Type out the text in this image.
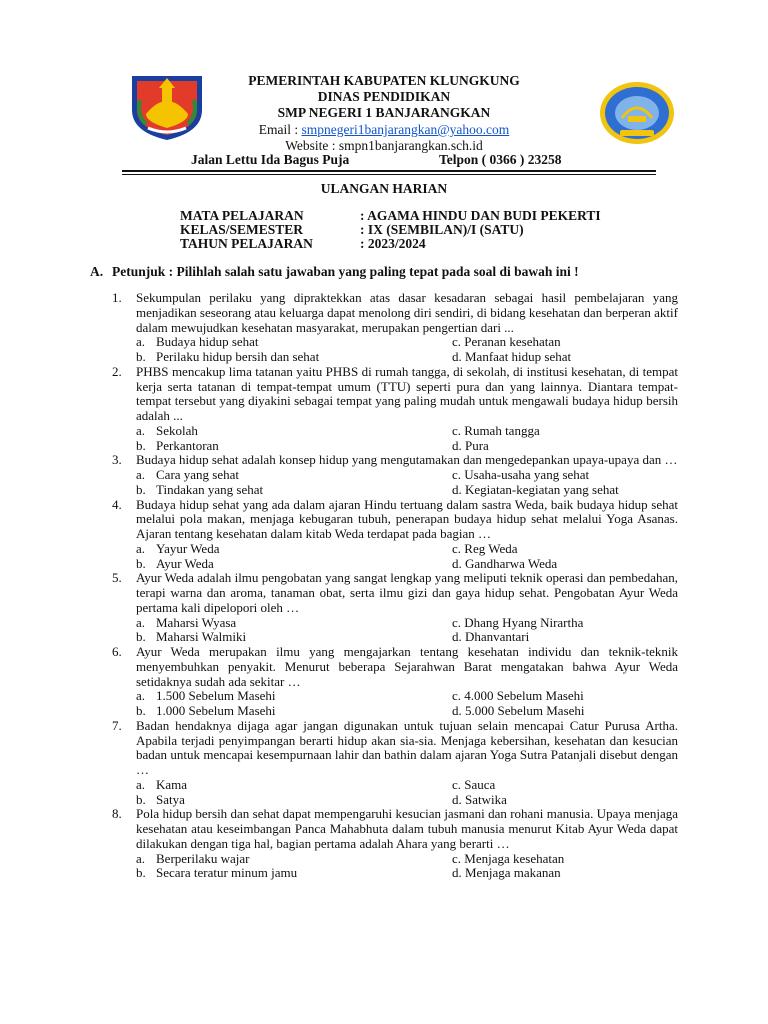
PEMERINTAH KABUPATEN KLUNGKUNG
DINAS PENDIDIKAN
SMP NEGERI 1 BANJARANGKAN
Email : smpnegeri1banjarangkan@yahoo.com
Website : smpn1banjarangkan.sch.id
Jalan Lettu Ida Bagus Puja	Telpon ( 0366 ) 23258
ULANGAN HARIAN
MATA PELAJARAN	: AGAMA HINDU DAN BUDI PEKERTI
KELAS/SEMESTER	: IX (SEMBILAN)/I (SATU)
TAHUN PELAJARAN	: 2023/2024
A. Petunjuk : Pilihlah salah satu jawaban yang paling tepat pada soal di bawah ini !
1. Sekumpulan perilaku yang dipraktekkan atas dasar kesadaran sebagai hasil pembelajaran yang menjadikan seseorang atau keluarga dapat menolong diri sendiri, di bidang kesehatan dan berperan aktif dalam mewujudkan kesehatan masyarakat, merupakan pengertian dari ...
a. Budaya hidup sehat	c. Peranan kesehatan
b. Perilaku hidup bersih dan sehat	d. Manfaat hidup sehat
2. PHBS mencakup lima tatanan yaitu PHBS di rumah tangga, di sekolah, di institusi kesehatan, di tempat kerja serta tatanan di tempat-tempat umum (TTU) seperti pura dan yang lainnya. Diantara tempat-tempat tersebut yang diyakini sebagai tempat yang paling mudah untuk mengawali budaya hidup bersih adalah ...
a. Sekolah	c. Rumah tangga
b. Perkantoran	d. Pura
3. Budaya hidup sehat adalah konsep hidup yang mengutamakan dan mengedepankan upaya-upaya dan …
a. Cara yang sehat	c. Usaha-usaha yang sehat
b. Tindakan yang sehat	d. Kegiatan-kegiatan yang sehat
4. Budaya hidup sehat yang ada dalam ajaran Hindu tertuang dalam sastra Weda, baik budaya hidup sehat melalui pola makan, menjaga kebugaran tubuh, penerapan budaya hidup sehat melalui Yoga Asanas. Ajaran tentang kesehatan dalam kitab Weda terdapat pada bagian …
a. Yayur Weda	c. Reg Weda
b. Ayur Weda	d. Gandharwa Weda
5. Ayur Weda adalah ilmu pengobatan yang sangat lengkap yang meliputi teknik operasi dan pembedahan, terapi warna dan aroma, tanaman obat, serta ilmu gizi dan gaya hidup sehat. Pengobatan Ayur Weda pertama kali dipelopori oleh …
a. Maharsi Wyasa	c. Dhang Hyang Nirartha
b. Maharsi Walmiki	d. Dhanvantari
6. Ayur Weda merupakan ilmu yang mengajarkan tentang kesehatan individu dan teknik-teknik menyembuhkan penyakit. Menurut beberapa Sejarahwan Barat mengatakan bahwa Ayur Weda setidaknya sudah ada sekitar …
a. 1.500 Sebelum Masehi	c. 4.000 Sebelum Masehi
b. 1.000 Sebelum Masehi	d. 5.000 Sebelum Masehi
7. Badan hendaknya dijaga agar jangan digunakan untuk tujuan selain mencapai Catur Purusa Artha. Apabila terjadi penyimpangan berarti hidup akan sia-sia. Menjaga kebersihan, kesehatan dan kesucian badan untuk mencapai kesempurnaan lahir dan bathin dalam ajaran Yoga Sutra Patanjali disebut dengan …
a. Kama	c. Sauca
b. Satya	d. Satwika
8. Pola hidup bersih dan sehat dapat mempengaruhi kesucian jasmani dan rohani manusia. Upaya menjaga kesehatan atau keseimbangan Panca Mahabhuta dalam tubuh manusia menurut Kitab Ayur Weda dapat dilakukan dengan tiga hal, bagian pertama adalah Ahara yang berarti …
a. Berperilaku wajar	c. Menjaga kesehatan
b. Secara teratur minum jamu	d. Menjaga makanan
